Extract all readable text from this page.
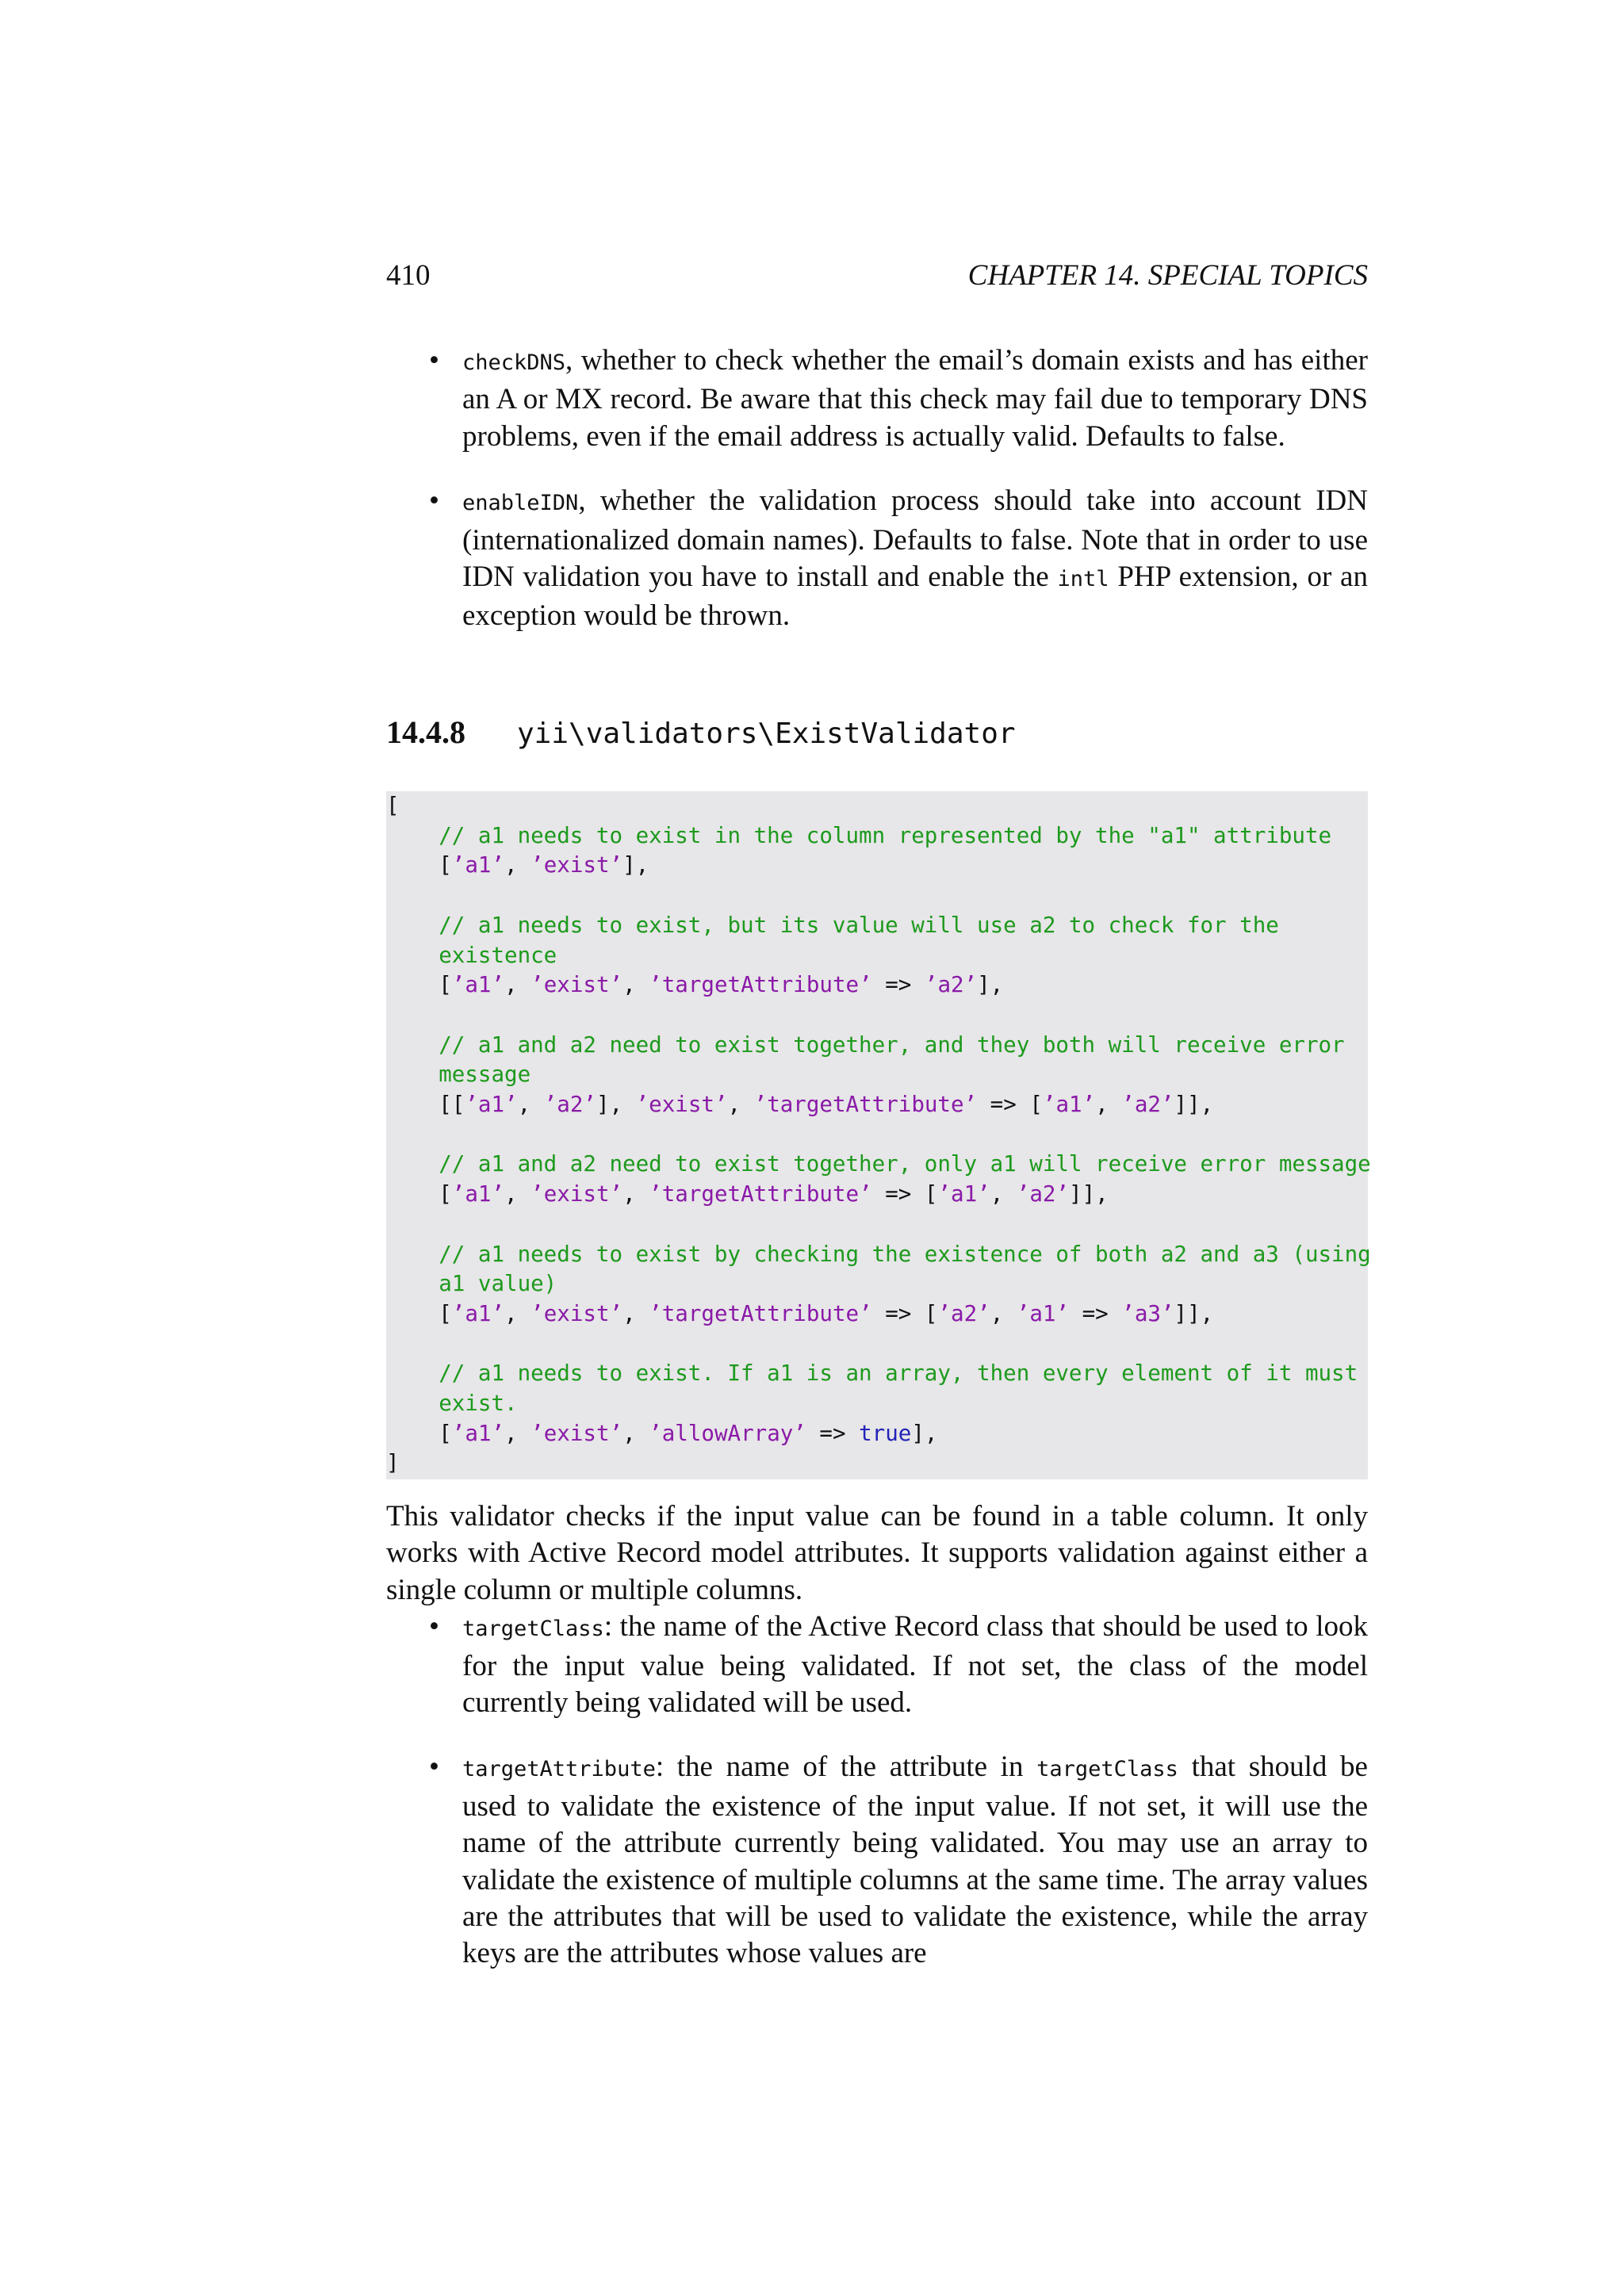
410	CHAPTER 14. SPECIAL TOPICS
• checkDNS, whether to check whether the email’s domain exists and has either an A or MX record. Be aware that this check may fail due to temporary DNS problems, even if the email address is actually valid. Defaults to false.
• enableIDN, whether the validation process should take into account IDN (internationalized domain names). Defaults to false. Note that in order to use IDN validation you have to install and enable the intl PHP extension, or an exception would be thrown.
14.4.8	yii\validators\ExistValidator
[
// a1 needs to exist in the column represented by the "a1" attribute
[’a1’, ’exist’],

// a1 needs to exist, but its value will use a2 to check for the
existence
[’a1’, ’exist’, ’targetAttribute’ => ’a2’],

// a1 and a2 need to exist together, and they both will receive error
message
[[’a1’, ’a2’], ’exist’, ’targetAttribute’ => [’a1’, ’a2’]],

// a1 and a2 need to exist together, only a1 will receive error message
[’a1’, ’exist’, ’targetAttribute’ => [’a1’, ’a2’]],

// a1 needs to exist by checking the existence of both a2 and a3 (using
a1 value)
[’a1’, ’exist’, ’targetAttribute’ => [’a2’, ’a1’ => ’a3’]],

// a1 needs to exist. If a1 is an array, then every element of it must
exist.
[’a1’, ’exist’, ’allowArray’ => true],
]
This validator checks if the input value can be found in a table column. It only works with Active Record model attributes. It supports validation against either a single column or multiple columns.
• targetClass: the name of the Active Record class that should be used to look for the input value being validated. If not set, the class of the model currently being validated will be used.
• targetAttribute: the name of the attribute in targetClass that should be used to validate the existence of the input value. If not set, it will use the name of the attribute currently being validated. You may use an array to validate the existence of multiple columns at the same time. The array values are the attributes that will be used to validate the existence, while the array keys are the attributes whose values are
